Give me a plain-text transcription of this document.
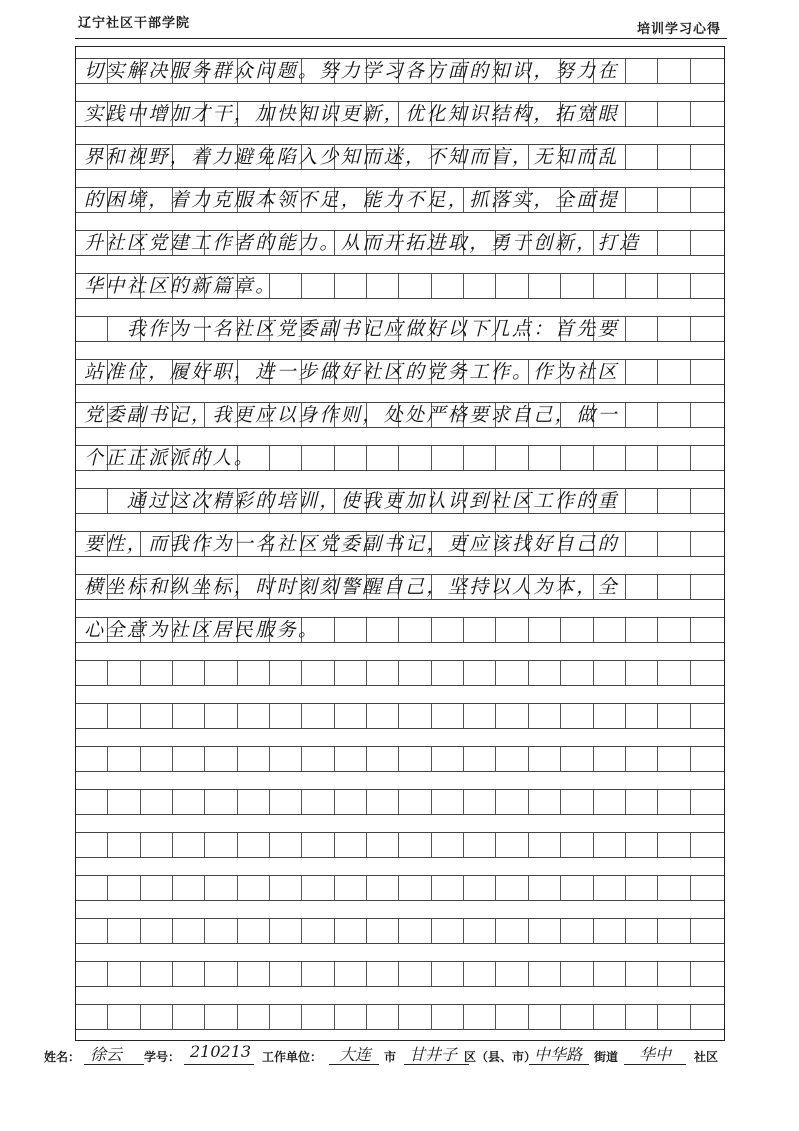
辽宁社区干部学院	培训学习心得
切实解决服务群众问题。努力学习各方面的知识，努力在
实践中增加才干，加快知识更新，优化知识结构，拓宽眼
界和视野，着力避免陷入少知而迷，不知而盲，无知而乱
的困境，着力克服本领不足，能力不足，抓落实，全面提
升社区党建工作者的能力。从而开拓进取，勇于创新，打造
华中社区的新篇章。
　　我作为一名社区党委副书记应做好以下几点：首先要
站准位，履好职，进一步做好社区的党务工作。作为社区
党委副书记，我更应以身作则，处处严格要求自己，做一
个正正派派的人。
　　通过这次精彩的培训，使我更加认识到社区工作的重
要性，而我作为一名社区党委副书记，更应该找好自己的
横坐标和纵坐标，时时刻刻警醒自己，坚持以人为本，全
心全意为社区居民服务。
姓名： 徐云 学号： 210213 工作单位： 大连 市 甘井子 区（县、市）
中华路 街道 华中 社区
